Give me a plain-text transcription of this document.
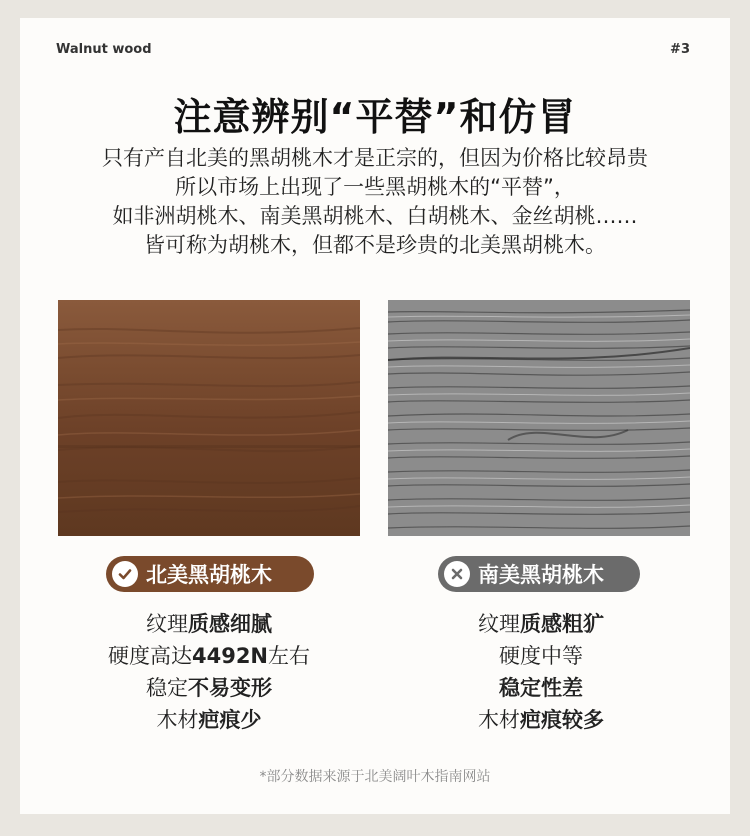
Walnut wood	#3
注意辨别“平替”和仿冒
只有产自北美的黑胡桃木才是正宗的，但因为价格比较昂贵
所以市场上出现了一些黑胡桃木的“平替”，
如非洲胡桃木、南美黑胡桃木、白胡桃木、金丝胡桃……
皆可称为胡桃木，但都不是珍贵的北美黑胡桃木。
北美黑胡桃木	南美黑胡桃木
纹理质感细腻
硬度高达4492N左右
稳定不易变形
木材疤痕少
纹理质感粗犷
硬度中等
稳定性差
木材疤痕较多
*部分数据来源于北美阔叶木指南网站
